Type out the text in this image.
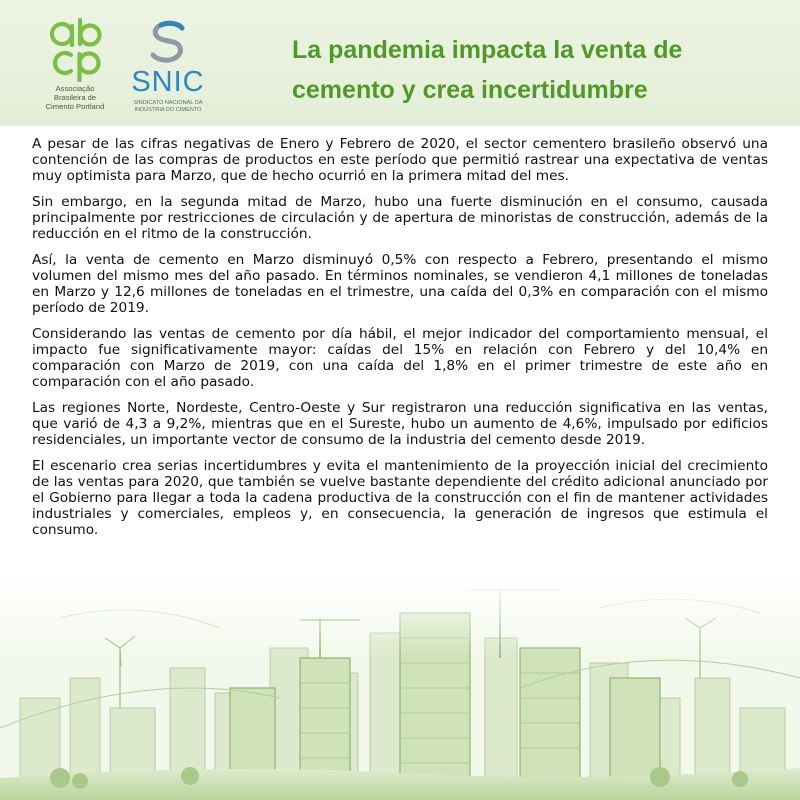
Associação
Brasileira de
Cimento Portland
SNIC
SINDICATO NACIONAL DA
INDÚSTRIA DO CIMENTO
La pandemia impacta la venta de cemento y crea incertidumbre

A pesar de las cifras negativas de Enero y Febrero de 2020, el sector cementero brasileño observó una contención de las compras de productos en este período que permitió rastrear una expectativa de ventas muy optimista para Marzo, que de hecho ocurrió en la primera mitad del mes.

Sin embargo, en la segunda mitad de Marzo, hubo una fuerte disminución en el consumo, causada principalmente por restricciones de circulación y de apertura de minoristas de construcción, además de la reducción en el ritmo de la construcción.

Así, la venta de cemento en Marzo disminuyó 0,5% con respecto a Febrero, presentando el mismo volumen del mismo mes del año pasado. En términos nominales, se vendieron 4,1 millones de toneladas en Marzo y 12,6 millones de toneladas en el trimestre, una caída del 0,3% en comparación con el mismo período de 2019.

Considerando las ventas de cemento por día hábil, el mejor indicador del comportamiento mensual, el impacto fue significativamente mayor: caídas del 15% en relación con Febrero y del 10,4% en comparación con Marzo de 2019, con una caída del 1,8% en el primer trimestre de este año en comparación con el año pasado.

Las regiones Norte, Nordeste, Centro-Oeste y Sur registraron una reducción significativa en las ventas, que varió de 4,3 a 9,2%, mientras que en el Sureste, hubo un aumento de 4,6%, impulsado por edificios residenciales, un importante vector de consumo de la industria del cemento desde 2019.

El escenario crea serias incertidumbres y evita el mantenimiento de la proyección inicial del crecimiento de las ventas para 2020, que también se vuelve bastante dependiente del crédito adicional anunciado por el Gobierno para llegar a toda la cadena productiva de la construcción con el fin de mantener actividades industriales y comerciales, empleos y, en consecuencia, la generación de ingresos que estimula el consumo.
